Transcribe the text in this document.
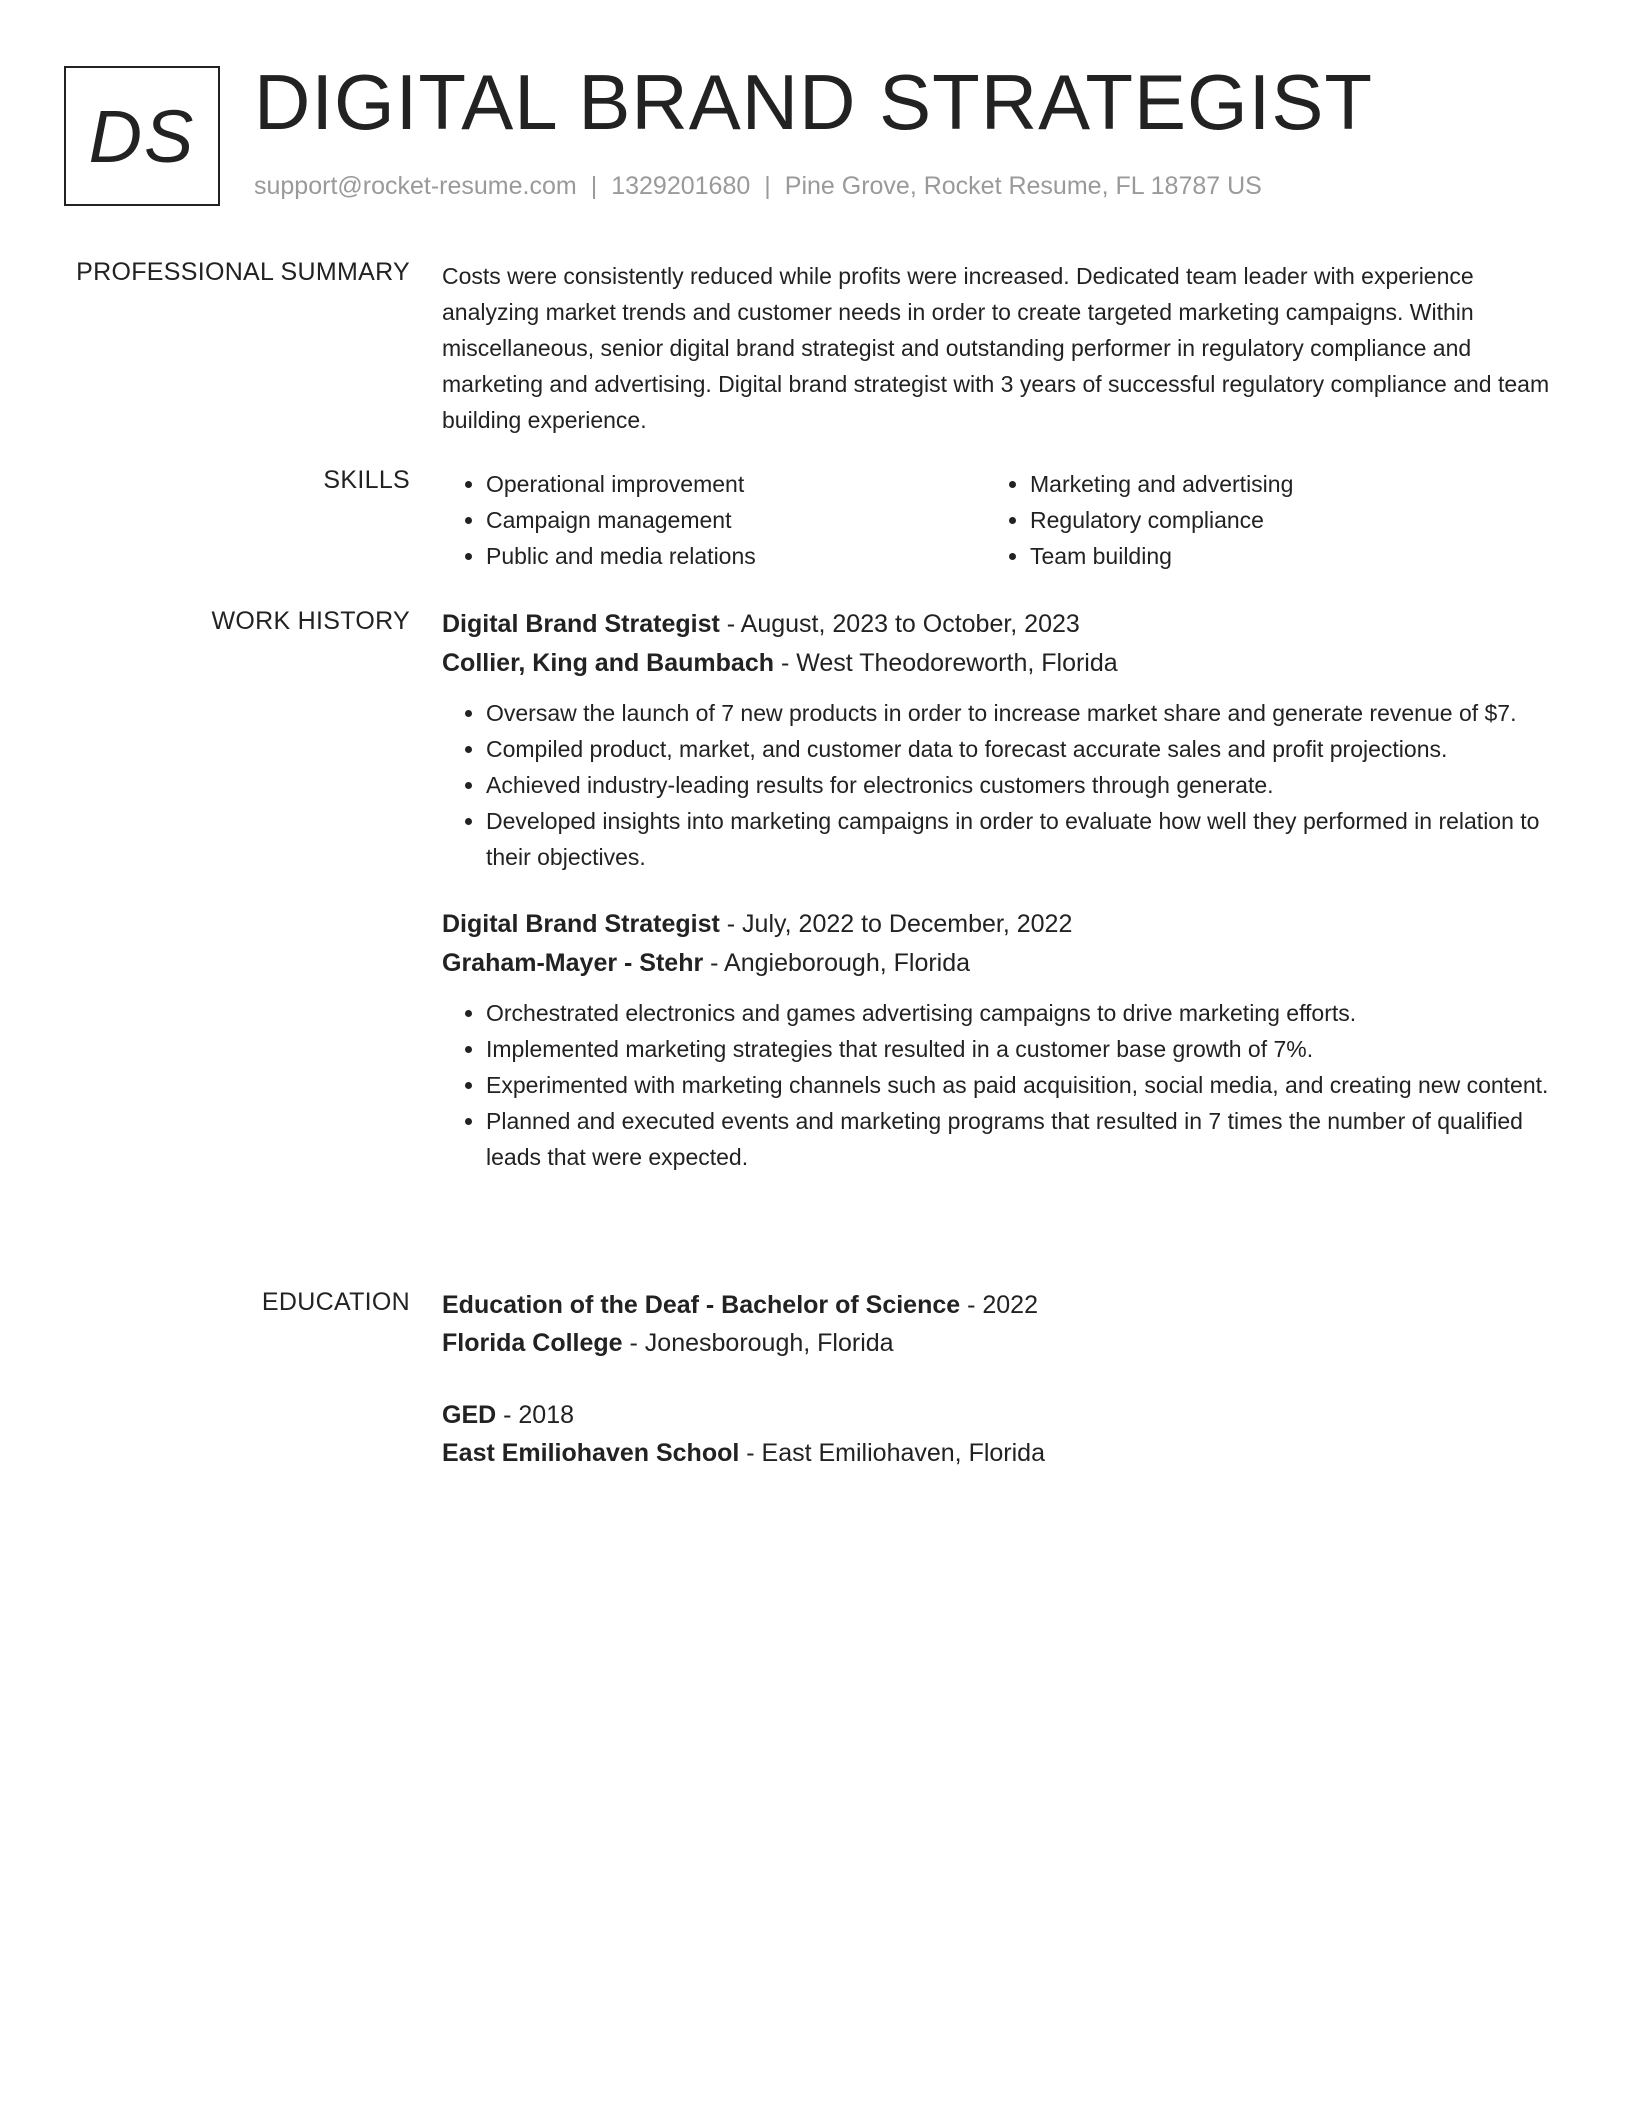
DS DIGITAL BRAND STRATEGIST
support@rocket-resume.com | 1329201680 | Pine Grove, Rocket Resume, FL 18787 US
PROFESSIONAL SUMMARY Costs were consistently reduced while profits were increased. Dedicated team leader with experience analyzing market trends and customer needs in order to create targeted marketing campaigns. Within miscellaneous, senior digital brand strategist and outstanding performer in regulatory compliance and marketing and advertising. Digital brand strategist with 3 years of successful regulatory compliance and team building experience.

SKILLS
•	Operational improvement
• Campaign management
• Public and media relations
• Marketing and advertising
• Regulatory compliance
• Team building
WORK HISTORY Digital Brand Strategist - August, 2023 to October, 2023
Collier, King and Baumbach - West Theodoreworth, Florida
• Oversaw the launch of 7 new products in order to increase market share and generate revenue of $7.
• Compiled product, market, and customer data to forecast accurate sales and profit projections.
• Achieved industry-leading results for electronics customers through generate.
• Developed insights into marketing campaigns in order to evaluate how well they performed in relation to their objectives.
Digital Brand Strategist - July, 2022 to December, 2022
Graham-Mayer - Stehr - Angieborough, Florida
• Orchestrated electronics and games advertising campaigns to drive marketing efforts.
• Implemented marketing strategies that resulted in a customer base growth of 7%.
• Experimented with marketing channels such as paid acquisition, social media, and creating new content.
• Planned and executed events and marketing programs that resulted in 7 times the number of qualified leads that were expected.
EDUCATION Education of the Deaf - Bachelor of Science - 2022
Florida College - Jonesborough, Florida
GED - 2018
East Emiliohaven School - East Emiliohaven, Florida
